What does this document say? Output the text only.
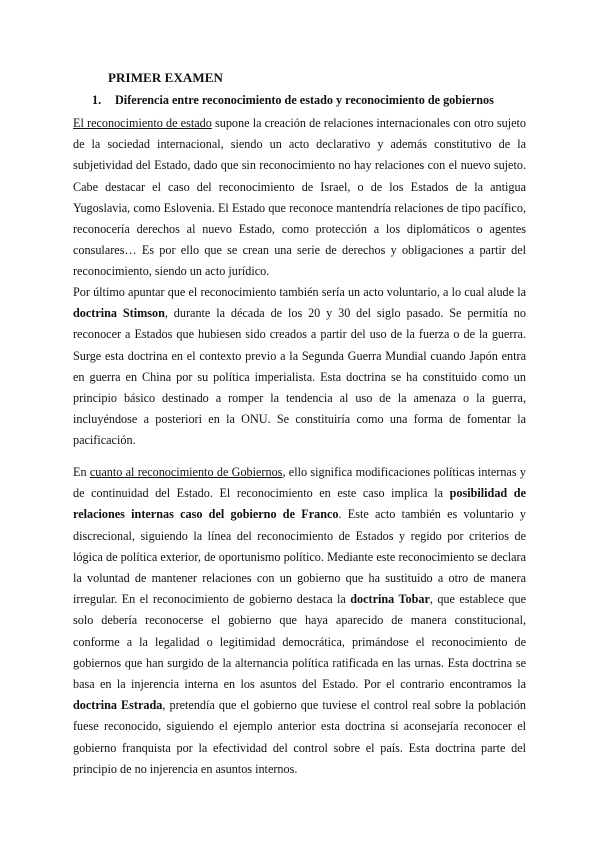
PRIMER EXAMEN
1. Diferencia entre reconocimiento de estado y reconocimiento de gobiernos

El reconocimiento de estado supone la creación de relaciones internacionales con otro sujeto de la sociedad internacional, siendo un acto declarativo y además constitutivo de la subjetividad del Estado, dado que sin reconocimiento no hay relaciones con el nuevo sujeto. Cabe destacar el caso del reconocimiento de Israel, o de los Estados de la antigua Yugoslavia, como Eslovenia. El Estado que reconoce mantendría relaciones de tipo pacífico, reconocería derechos al nuevo Estado, como protección a los diplomáticos o agentes consulares… Es por ello que se crean una serie de derechos y obligaciones a partir del reconocimiento, siendo un acto jurídico.

Por último apuntar que el reconocimiento también sería un acto voluntario, a lo cual alude la doctrina Stimson, durante la década de los 20 y 30 del siglo pasado. Se permitía no reconocer a Estados que hubiesen sido creados a partir del uso de la fuerza o de la guerra. Surge esta doctrina en el contexto previo a la Segunda Guerra Mundial cuando Japón entra en guerra en China por su política imperialista. Esta doctrina se ha constituido como un principio básico destinado a romper la tendencia al uso de la amenaza o la guerra, incluyéndose a posteriori en la ONU. Se constituiría como una forma de fomentar la pacificación.

En cuanto al reconocimiento de Gobiernos, ello significa modificaciones políticas internas y de continuidad del Estado. El reconocimiento en este caso implica la posibilidad de relaciones internas caso del gobierno de Franco. Este acto también es voluntario y discrecional, siguiendo la línea del reconocimiento de Estados y regido por criterios de lógica de política exterior, de oportunismo político. Mediante este reconocimiento se declara la voluntad de mantener relaciones con un gobierno que ha sustituido a otro de manera irregular. En el reconocimiento de gobierno destaca la doctrina Tobar, que establece que solo debería reconocerse el gobierno que haya aparecido de manera constitucional, conforme a la legalidad o legitimidad democrática, primándose el reconocimiento de gobiernos que han surgido de la alternancia política ratificada en las urnas. Esta doctrina se basa en la injerencia interna en los asuntos del Estado. Por el contrario encontramos la doctrina Estrada, pretendía que el gobierno que tuviese el control real sobre la población fuese reconocido, siguiendo el ejemplo anterior esta doctrina si aconsejaría reconocer el gobierno franquista por la efectividad del control sobre el país. Esta doctrina parte del principio de no injerencia en asuntos internos.
